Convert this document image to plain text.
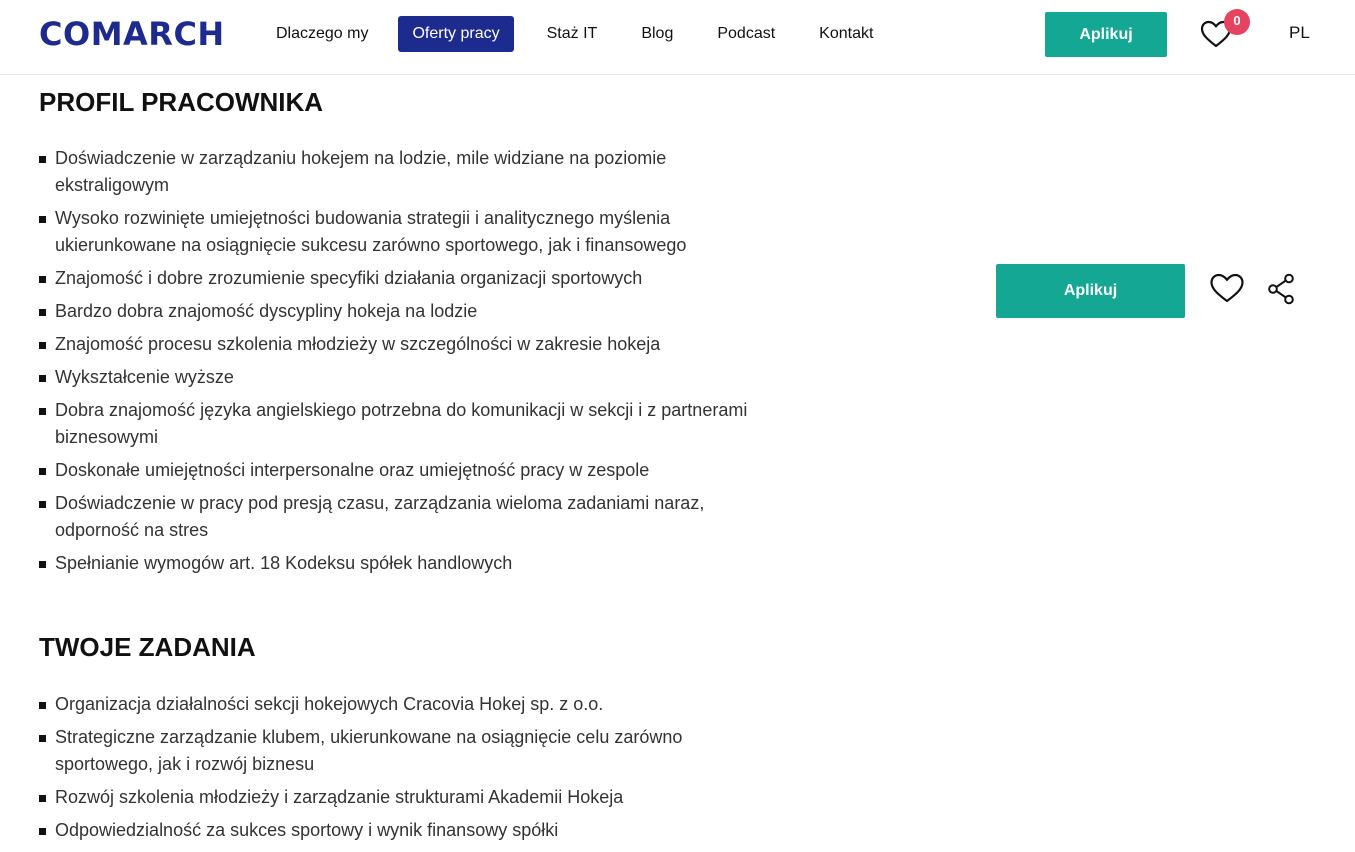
COMARCH	Dlaczego my	Oferty pracy	Staż IT	Blog	Podcast	Kontakt	Aplikuj
0
PL
PROFIL PRACOWNIKA
Doświadczenie w zarządzaniu hokejem na lodzie, mile widziane na poziomie ekstraligowym
Wysoko rozwinięte umiejętności budowania strategii i analitycznego myślenia ukierunkowane na osiągnięcie sukcesu zarówno sportowego, jak i finansowego
Znajomość i dobre zrozumienie specyfiki działania organizacji sportowych
Bardzo dobra znajomość dyscypliny hokeja na lodzie
Znajomość procesu szkolenia młodzieży w szczególności w zakresie hokeja
Wykształcenie wyższe
Dobra znajomość języka angielskiego potrzebna do komunikacji w sekcji i z partnerami biznesowymi
Doskonałe umiejętności interpersonalne oraz umiejętność pracy w zespole
Doświadczenie w pracy pod presją czasu, zarządzania wieloma zadaniami naraz, odporność na stres
Spełnianie wymogów art. 18 Kodeksu spółek handlowych
TWOJE ZADANIA
Organizacja działalności sekcji hokejowych Cracovia Hokej sp. z o.o.
Strategiczne zarządzanie klubem, ukierunkowane na osiągnięcie celu zarówno sportowego, jak i rozwój biznesu
Rozwój szkolenia młodzieży i zarządzanie strukturami Akademii Hokeja
Odpowiedzialność za sukces sportowy i wynik finansowy spółki
Aplikuj
